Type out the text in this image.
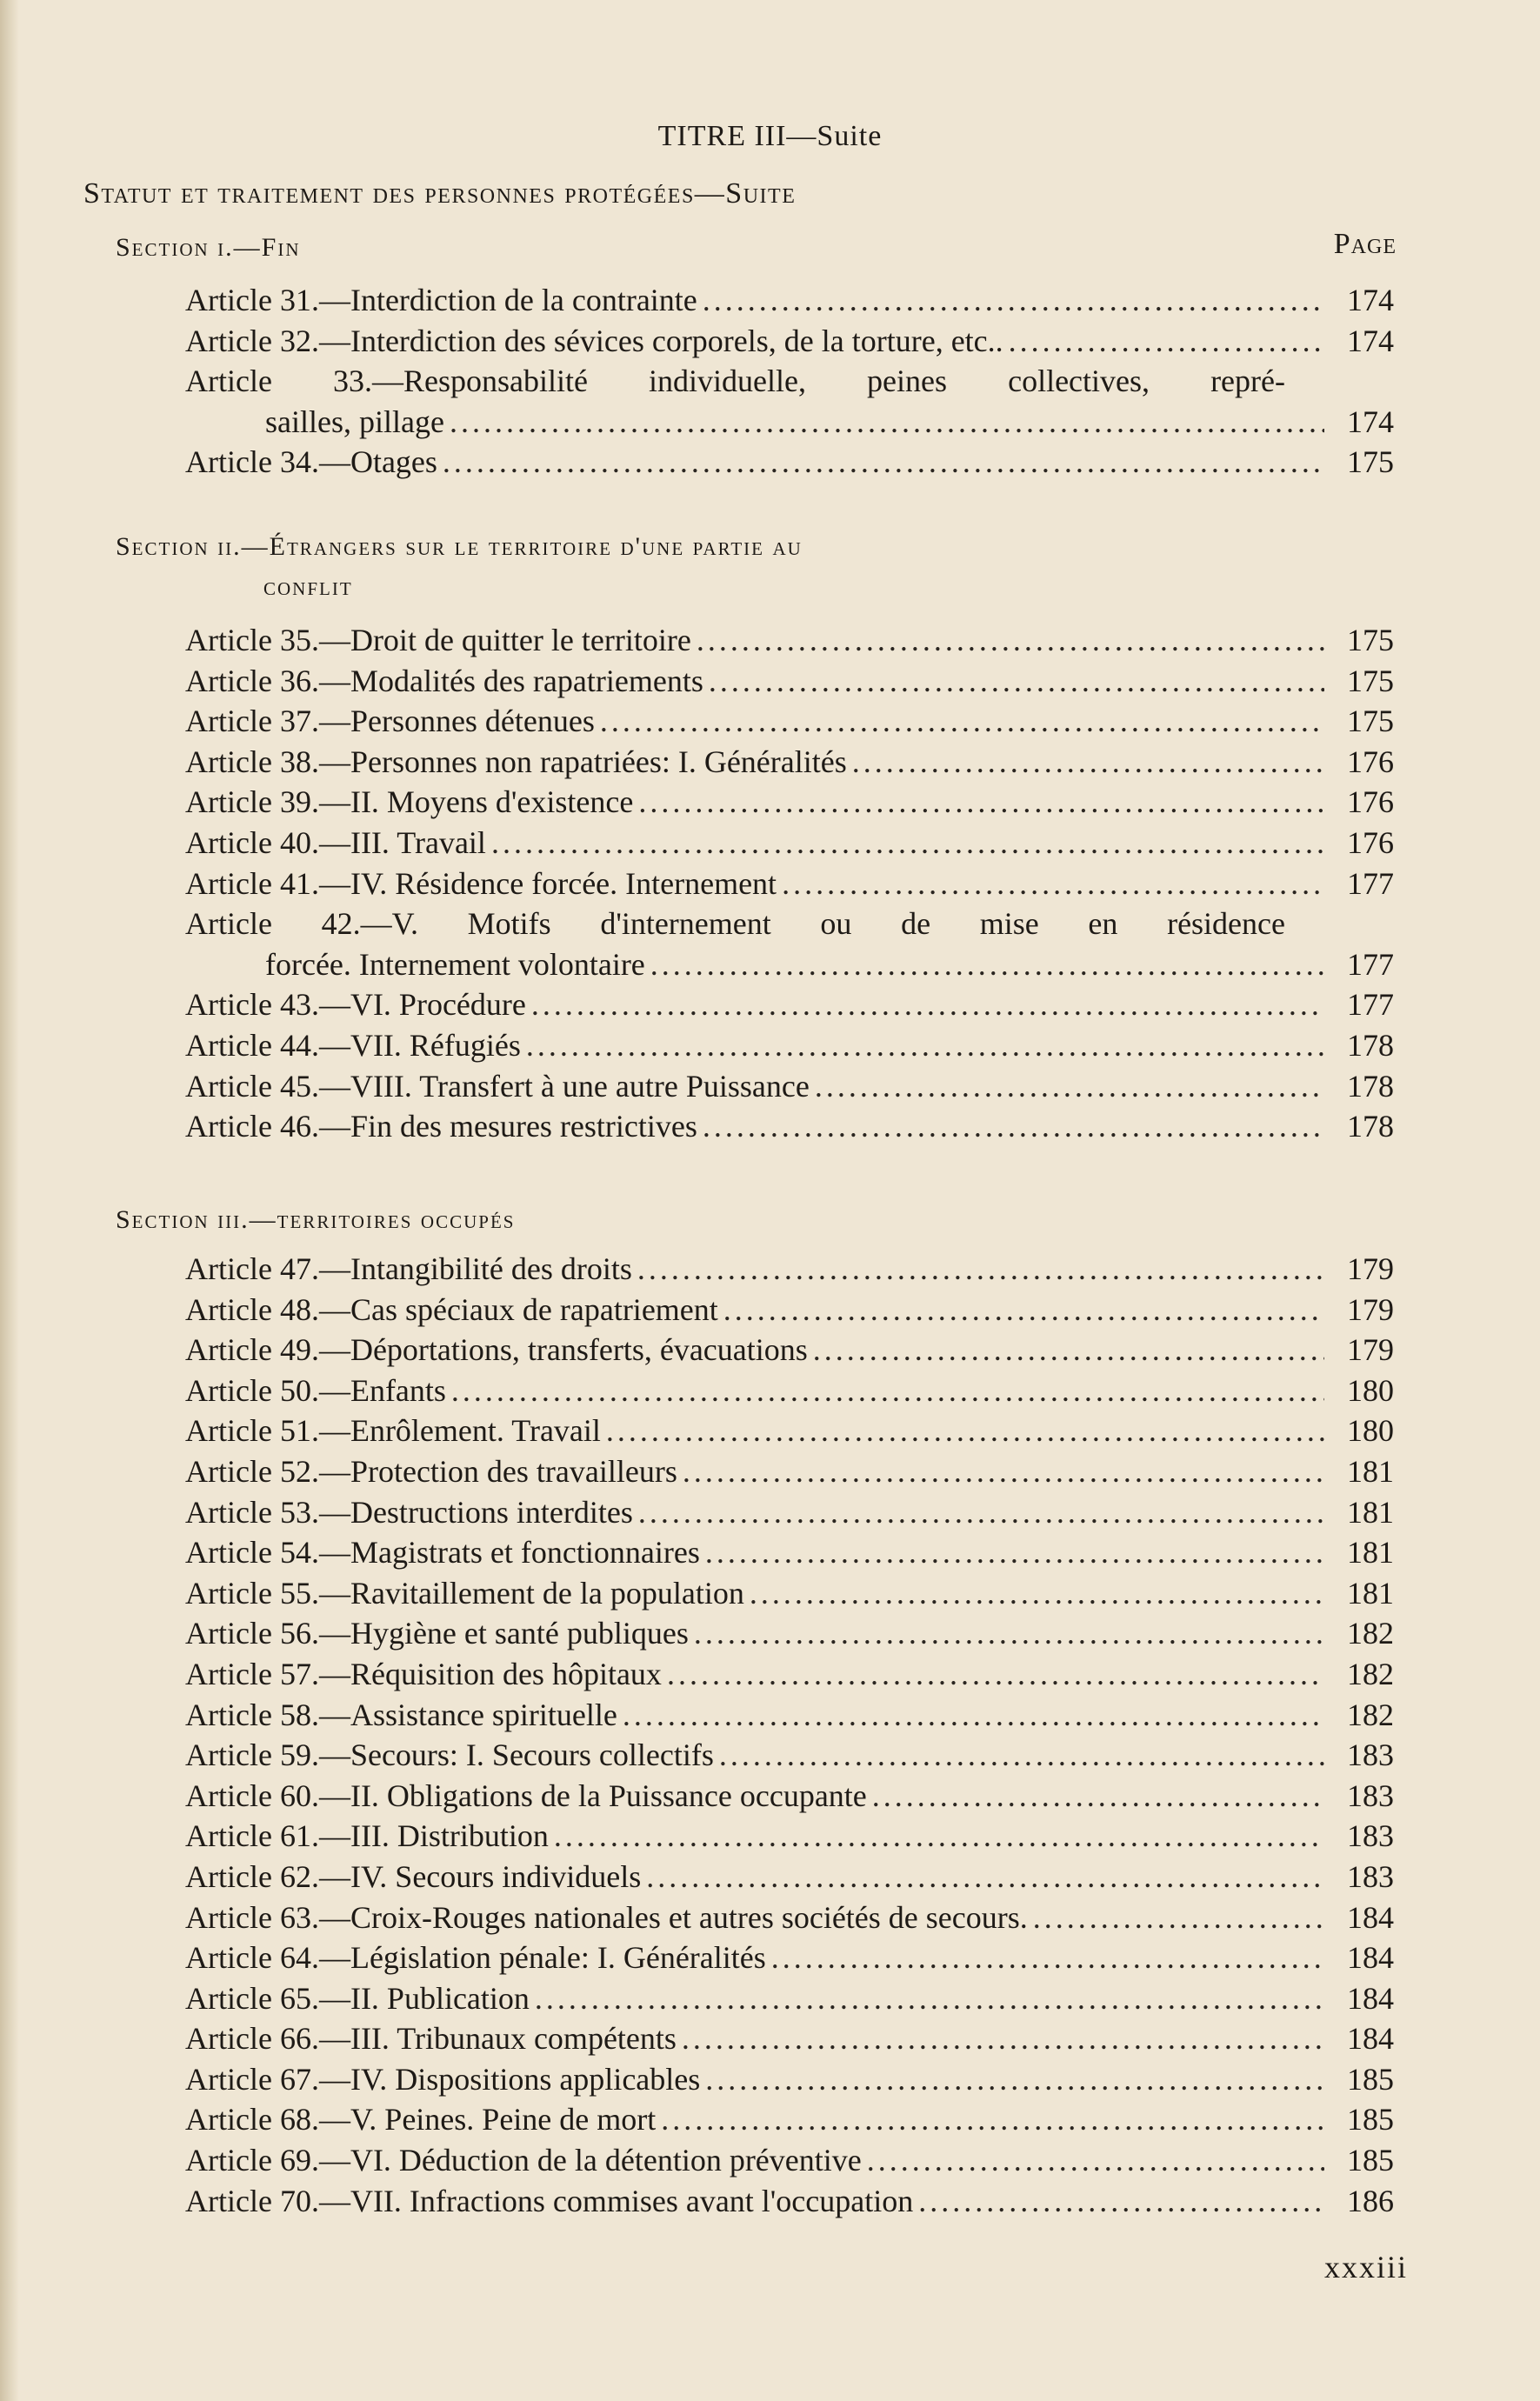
TITRE III—Suite
Statut et traitement des personnes protégées—Suite
Section i.—Fin	Page
Article 31.—Interdiction de la contrainte .....	174
Article 32.—Interdiction des sévices corporels, de la torture, etc.. .....	174
Article 33.—Responsabilité individuelle, peines collectives, repré-
sailles, pillage .....	174
Article 34.—Otages .....	175
Section ii.—Étrangers sur le territoire d'une partie au
conflit
Article 35.—Droit de quitter le territoire .....	175
Article 36.—Modalités des rapatriements .....	175
Article 37.—Personnes détenues .....	175
Article 38.—Personnes non rapatriées: I. Généralités .....	176
Article 39.—II. Moyens d'existence .....	176
Article 40.—III. Travail .....	176
Article 41.—IV. Résidence forcée. Internement .....	177
Article 42.—V. Motifs d'internement ou de mise en résidence
forcée. Internement volontaire .....	177
Article 43.—VI. Procédure .....	177
Article 44.—VII. Réfugiés .....	178
Article 45.—VIII. Transfert à une autre Puissance .....	178
Article 46.—Fin des mesures restrictives .....	178
Section iii.—territoires occupés
Article 47.—Intangibilité des droits .....	179
Article 48.—Cas spéciaux de rapatriement .....	179
Article 49.—Déportations, transferts, évacuations .....	179
Article 50.—Enfants .....	180
Article 51.—Enrôlement. Travail .....	180
Article 52.—Protection des travailleurs .....	181
Article 53.—Destructions interdites .....	181
Article 54.—Magistrats et fonctionnaires .....	181
Article 55.—Ravitaillement de la population .....	181
Article 56.—Hygiène et santé publiques .....	182
Article 57.—Réquisition des hôpitaux .....	182
Article 58.—Assistance spirituelle .....	182
Article 59.—Secours: I. Secours collectifs .....	183
Article 60.—II. Obligations de la Puissance occupante .....	183
Article 61.—III. Distribution .....	183
Article 62.—IV. Secours individuels .....	183
Article 63.—Croix-Rouges nationales et autres sociétés de secours. .....	184
Article 64.—Législation pénale: I. Généralités .....	184
Article 65.—II. Publication .....	184
Article 66.—III. Tribunaux compétents .....	184
Article 67.—IV. Dispositions applicables .....	185
Article 68.—V. Peines. Peine de mort .....	185
Article 69.—VI. Déduction de la détention préventive .....	185
Article 70.—VII. Infractions commises avant l'occupation .....	186
xxxiii
